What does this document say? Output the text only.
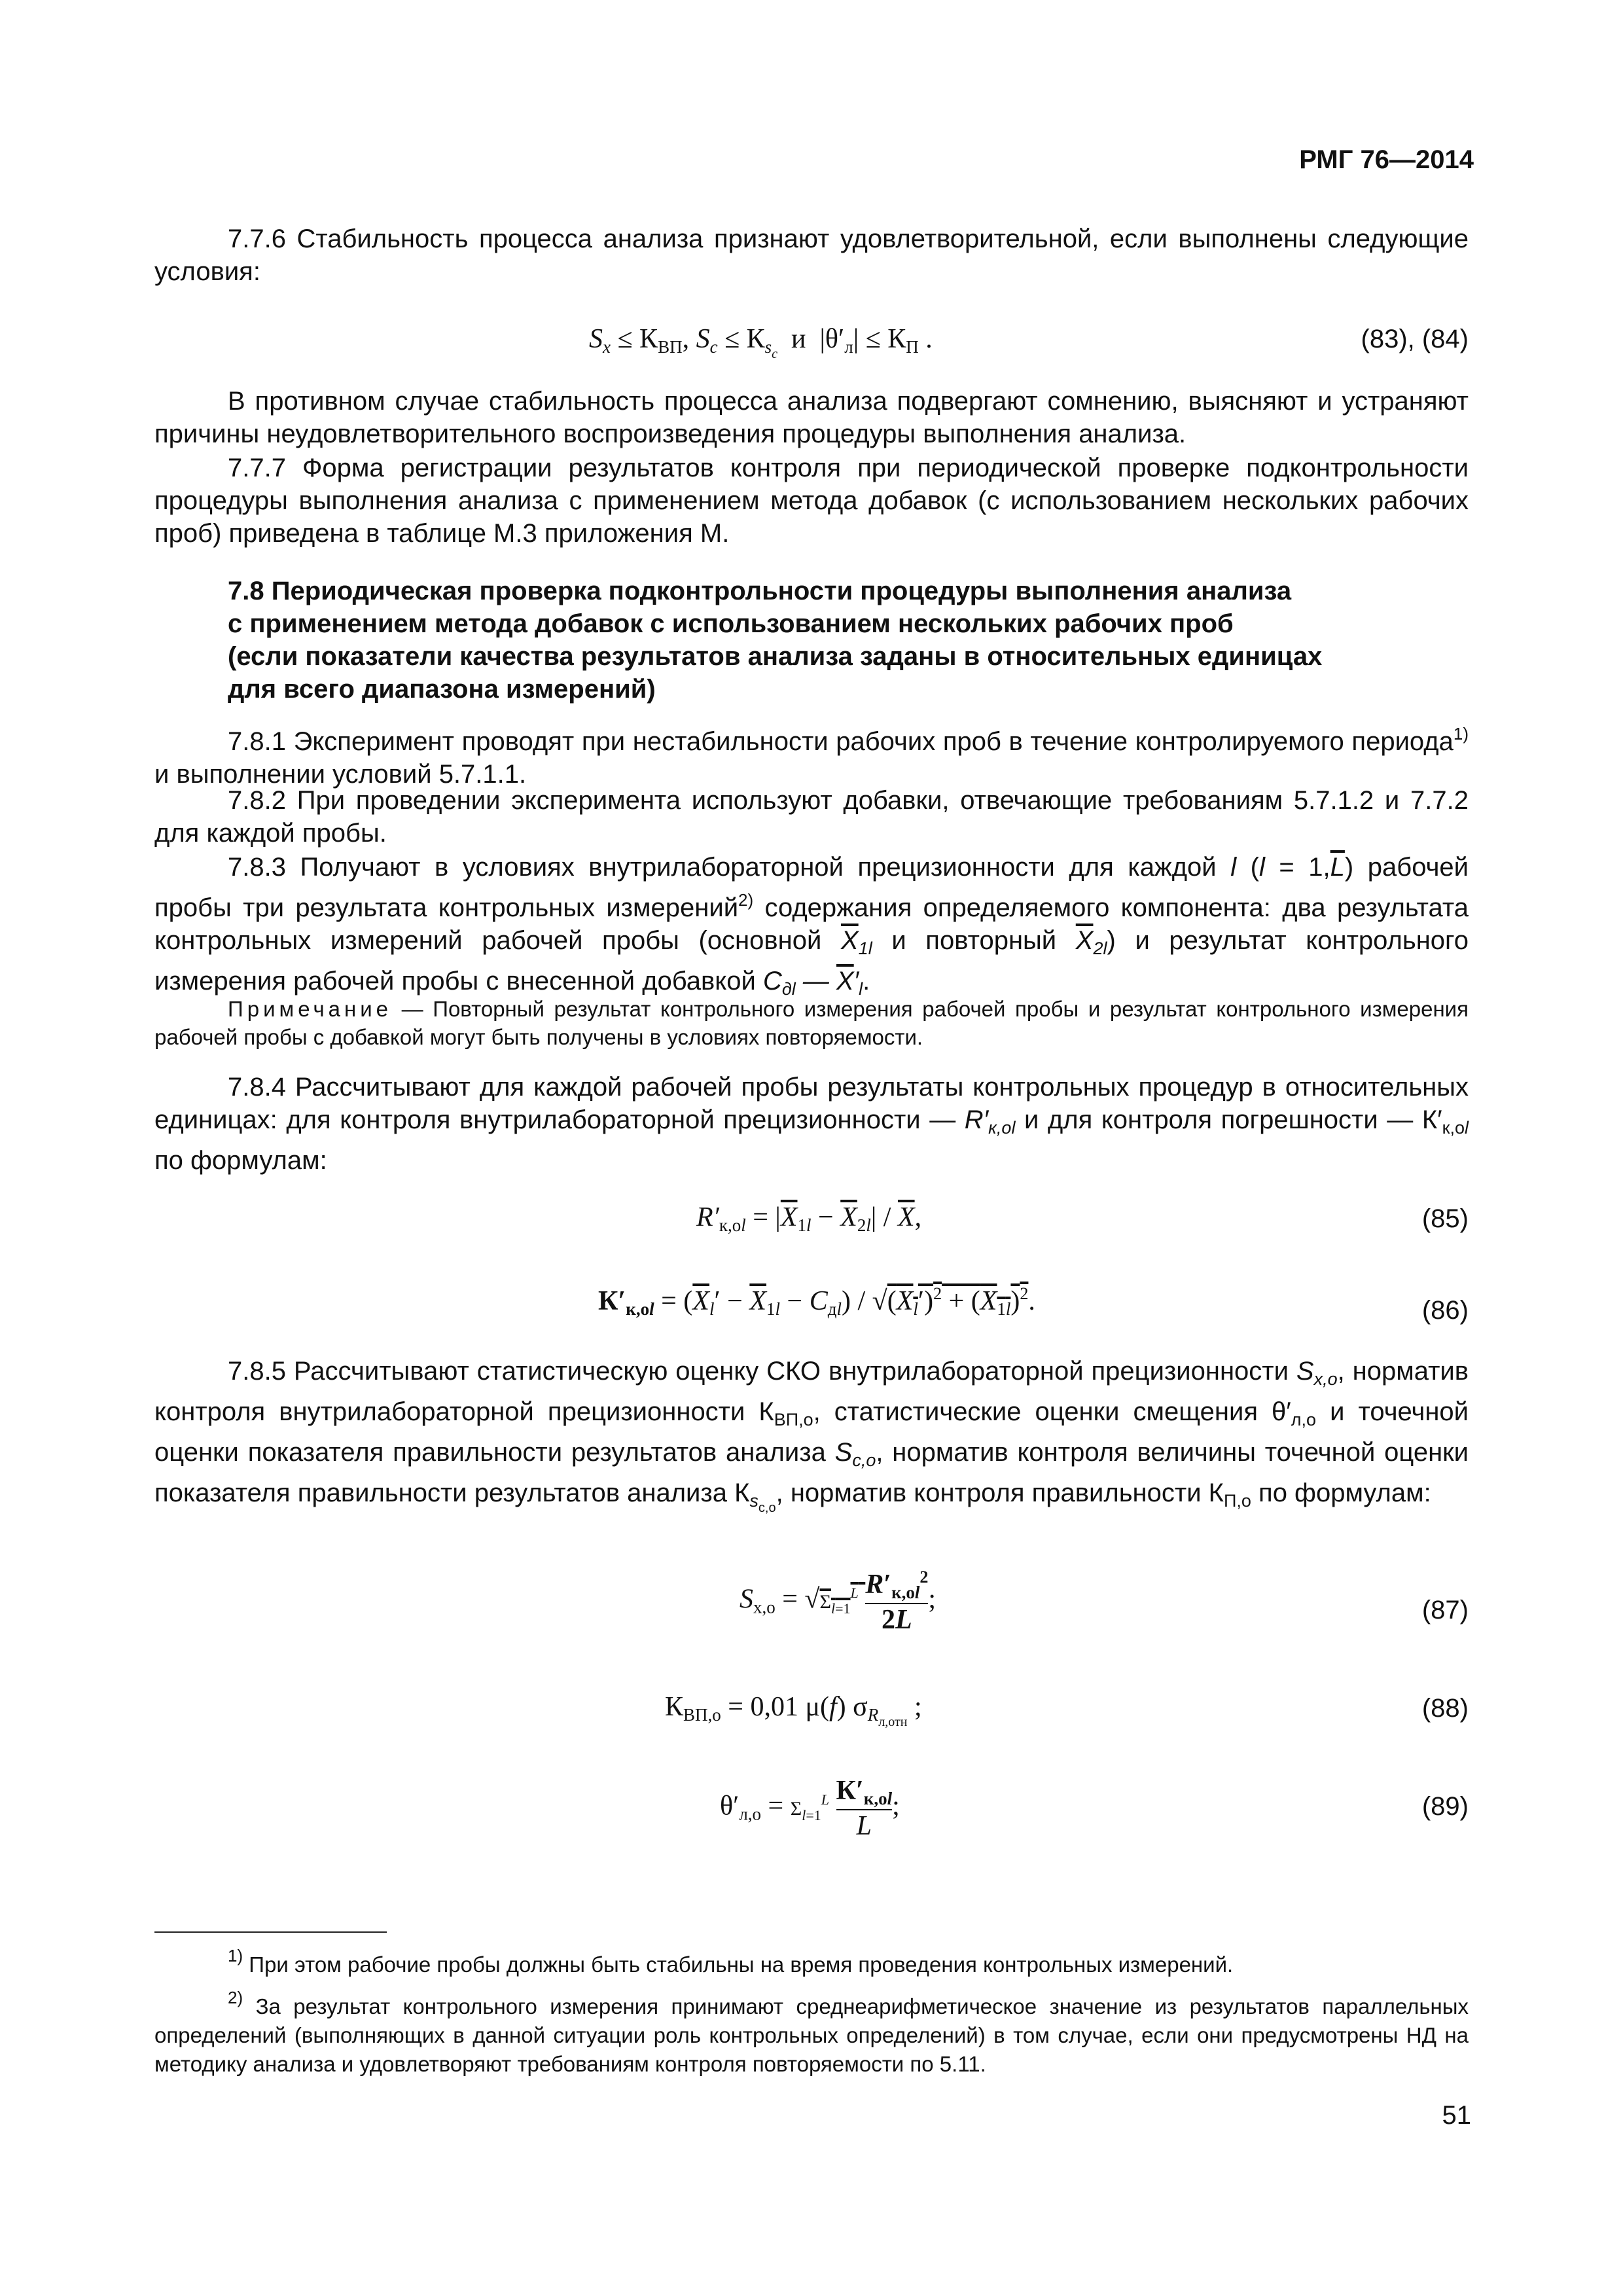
РМГ 76—2014
7.7.6 Стабильность процесса анализа признают удовлетворительной, если выполнены следующие условия:
$S_x \le К_{ВП}$, $S_c \le К_{s_c}$  и  $|\theta'_л| \le К_П$ .	(83), (84)
В противном случае стабильность процесса анализа подвергают сомнению, выясняют и устраняют причины неудовлетворительного воспроизведения процедуры выполнения анализа.
7.7.7 Форма регистрации результатов контроля при периодической проверке подконтрольности процедуры выполнения анализа с применением метода добавок (с использованием нескольких рабочих проб) приведена в таблице М.3 приложения М.
7.8 Периодическая проверка подконтрольности процедуры выполнения анализа
с применением метода добавок с использованием нескольких рабочих проб
(если показатели качества результатов анализа заданы в относительных единицах
для всего диапазона измерений)
7.8.1 Эксперимент проводят при нестабильности рабочих проб в течение контролируемого периода$^{1)}$ и выполнении условий 5.7.1.1.
7.8.2 При проведении эксперимента используют добавки, отвечающие требованиям 5.7.1.2 и 7.7.2 для каждой пробы.
7.8.3 Получают в условиях внутрилабораторной прецизионности для каждой l $(l = 1,\overline{L})$ рабочей пробы три результата контрольных измерений$^{2)}$ содержания определяемого компонента: два результата контрольных измерений рабочей пробы (основной $\overline{X}_{1l}$ и повторный $\overline{X}_{2l}$) и результат контрольного измерения рабочей пробы с внесенной добавкой $C_{дl}$ — $\overline{X}'_l$.
Примечание — Повторный результат контрольного измерения рабочей пробы и результат контрольного измерения рабочей пробы с добавкой могут быть получены в условиях повторяемости.
7.8.4 Рассчитывают для каждой рабочей пробы результаты контрольных процедур в относительных единицах: для контроля внутрилабораторной прецизионности — $R'_{к,оl}$ и для контроля погрешности — $К'_{к,оl}$ по формулам:
$R'_{к,оl} = |\overline{X}_{1l} - \overline{X}_{2l}| / \overline{X}$,	(85)
$К'_{к,оl} = (\overline{X}_l' - \overline{X}_{1l} - C_{дl}) / √(X_l')^2 + (X_{1l})^2$.	(86)
7.8.5 Рассчитывают статистическую оценку СКО внутрилабораторной прецизионности $S_{x,о}$, норматив контроля внутрилабораторной прецизионности $К_{ВП,о}$, статистические оценки смещения $\theta'_{л,о}$ и точечной оценки показателя правильности результатов анализа $S_{с,о}$, норматив контроля величины точечной оценки показателя правильности результатов анализа $К_{s_{с,о}}$, норматив контроля правильности $К_{П,о}$ по формулам:
$S_{x,о} = √\Sigma_{l=1}^L$ $R'_{к,оl}^2$
2L
;	(87)
$К_{ВП,о} = 0,01$ μ(f) $\sigma_{R_{л,отн}}$ ;	(88)
$\theta'_{л,о} = \Sigma_{l=1}^L$ $К'_{к,оl}$
L
;	(89)
$^{1)}$ При этом рабочие пробы должны быть стабильны на время проведения контрольных измерений.
$^{2)}$ За результат контрольного измерения принимают среднеарифметическое значение из результатов параллельных определений (выполняющих в данной ситуации роль контрольных определений) в том случае, если они предусмотрены НД на методику анализа и удовлетворяют требованиям контроля повторяемости по 5.11.
51
